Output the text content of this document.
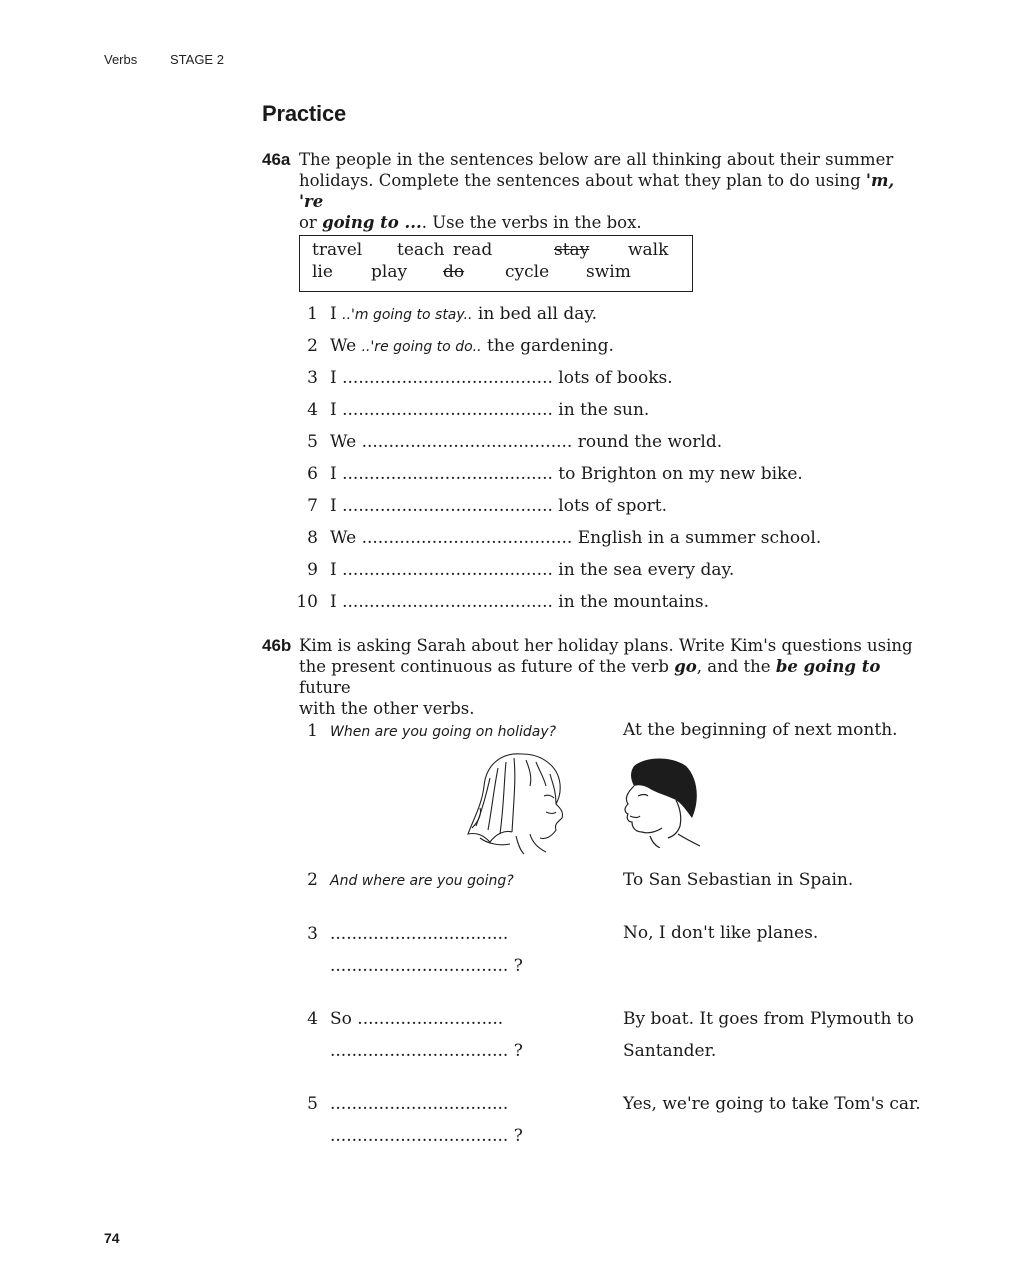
Verbs	STAGE 2
Practice
46a The people in the sentences below are all thinking about their summer
holidays. Complete the sentences about what they plan to do using 'm, 're
or going to .... Use the verbs in the box.
travel teach read	stay walk
lie play do cycle swim
1 I ..'m going to stay.. in bed all day.
2 We ..'re going to do.. the gardening.
3 I ....................................... lots of books.
4 I ....................................... in the sun.
5 We ....................................... round the world.
6 I ....................................... to Brighton on my new bike.
7 I ....................................... lots of sport.
8 We ....................................... English in a summer school.
9 I ....................................... in the sea every day.
10 I ....................................... in the mountains.
46b Kim is asking Sarah about her holiday plans. Write Kim's questions using
the present continuous as future of the verb go, and the be going to future
with the other verbs.
1 When are you going on holiday?	At the beginning of next month.
2 And where are you going?	To San Sebastian in Spain.
3 .................................
................................. ?
No, I don't like planes.
4 So ...........................
................................. ?
By boat. It goes from Plymouth to
Santander.
5 .................................
................................. ?
Yes, we're going to take Tom's car.
74
